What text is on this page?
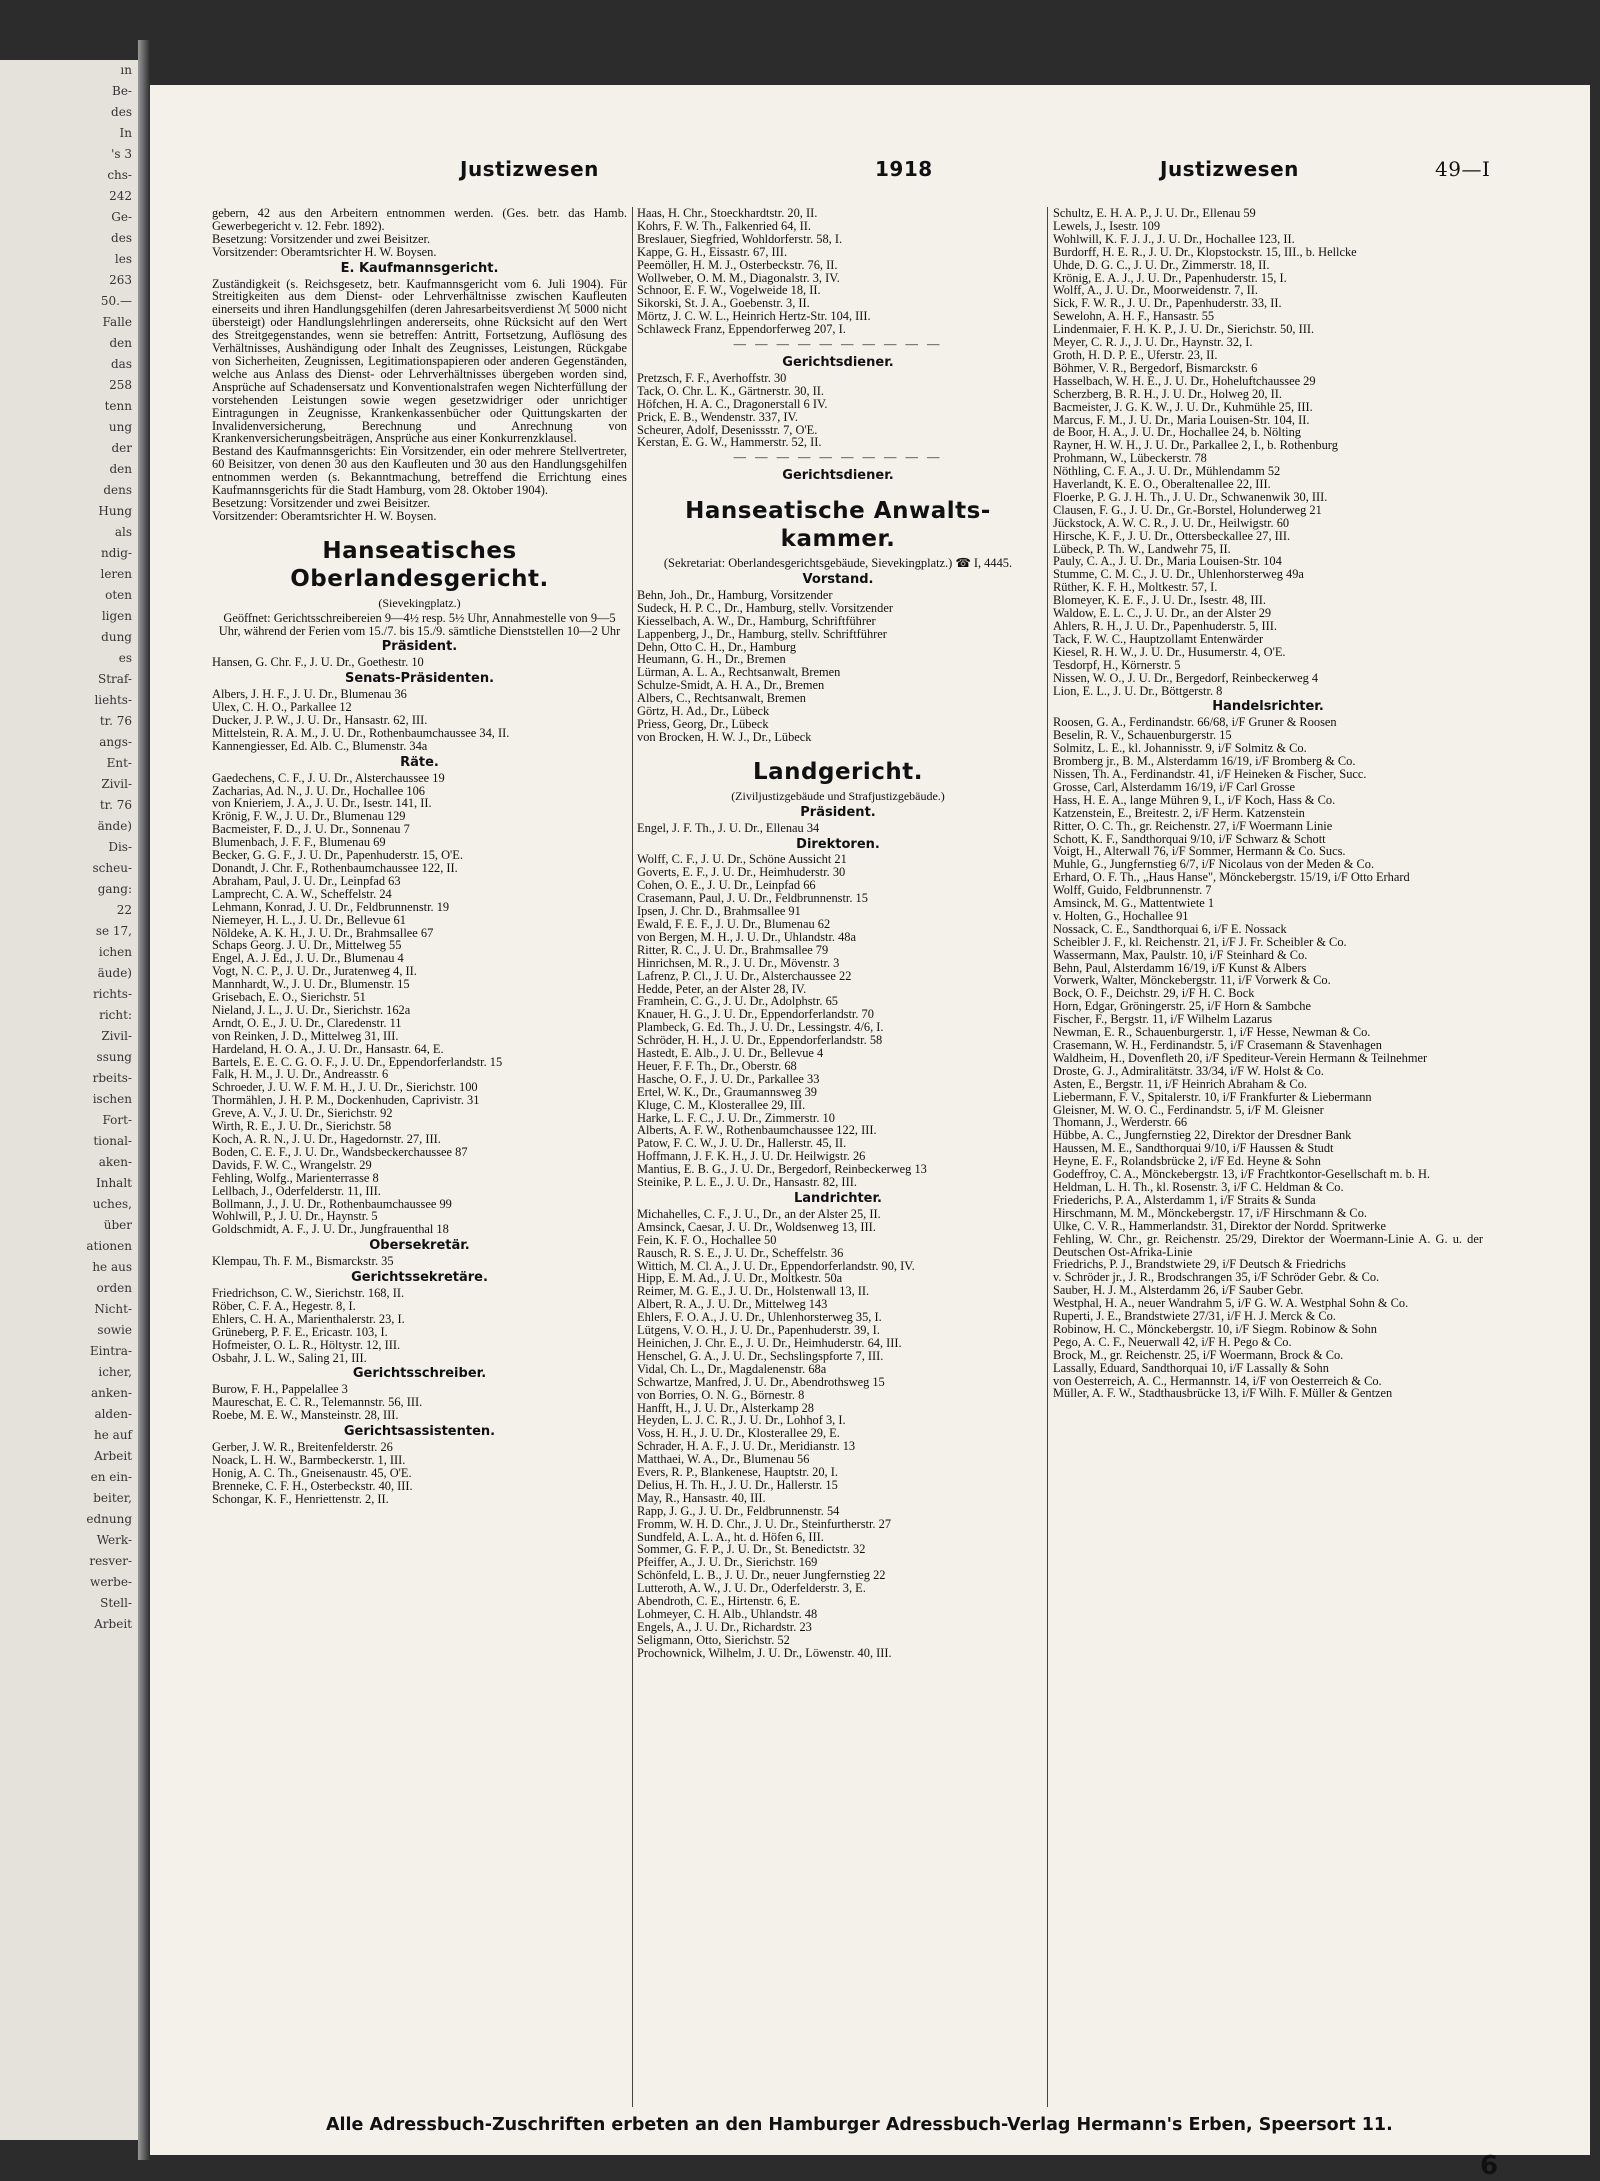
ın
Be-
des
In
's 3
chs-
242
Ge-
des
les
263
50.—
Falle
den
das
258
tenn
ung
der
den
dens
Hung
als
ndig-
leren
oten
ligen
dung
es
Straf-
liehts-
tr. 76
angs-
Ent-
Zivil-
tr. 76
ände)
Dis-
scheu-
gang:
22
se 17,
ichen
äude)
richts-
richt:
Zivil-
ssung
rbeits-
ischen
Fort-
tional-
aken-
Inhalt
uches,
über
ationen
he aus
orden
Nicht-
sowie
Eintra-
icher,
anken-
alden-
he auf
Arbeit
en ein-
beiter,
ednung
Werk-
resver-
werbe-
Stell-
Arbeit
Justizwesen	1918	Justizwesen	49—I
gebern, 42 aus den Arbeitern entnommen werden. (Ges. betr. das Hamb. Gewerbegericht v. 12. Febr. 1892).
Besetzung: Vorsitzender und zwei Beisitzer.
Vorsitzender: Oberamtsrichter H. W. Boysen.
E. Kaufmannsgericht.
Zuständigkeit (s. Reichsgesetz, betr. Kaufmannsgericht vom 6. Juli 1904). Für Streitigkeiten aus dem Dienst- oder Lehrverhältnisse zwischen Kaufleuten einerseits und ihren Handlungsgehilfen (deren Jahresarbeitsverdienst ℳ 5000 nicht übersteigt) oder Handlungslehrlingen andererseits, ohne Rücksicht auf den Wert des Streitgegenstandes, wenn sie betreffen: Antritt, Fortsetzung, Auflösung des Verhältnisses, Aushändigung oder Inhalt des Zeugnisses, Leistungen, Rückgabe von Sicherheiten, Zeugnissen, Legitimationspapieren oder anderen Gegenständen, welche aus Anlass des Dienst- oder Lehrverhältnisses übergeben worden sind, Ansprüche auf Schadensersatz und Konventionalstrafen wegen Nichterfüllung der vorstehenden Leistungen sowie wegen gesetzwidriger oder unrichtiger Eintragungen in Zeugnisse, Krankenkassenbücher oder Quittungskarten der Invalidenversicherung, Berechnung und Anrechnung von Krankenversicherungsbeiträgen, Ansprüche aus einer Konkurrenzklausel.
Bestand des Kaufmannsgerichts: Ein Vorsitzender, ein oder mehrere Stellvertreter, 60 Beisitzer, von denen 30 aus den Kaufleuten und 30 aus den Handlungsgehilfen entnommen werden (s. Bekanntmachung, betreffend die Errichtung eines Kaufmannsgerichts für die Stadt Hamburg, vom 28. Oktober 1904).
Besetzung: Vorsitzender und zwei Beisitzer.
Vorsitzender: Oberamtsrichter H. W. Boysen.
Hanseatisches
Oberlandesgericht.
(Sievekingplatz.)
Geöffnet: Gerichtsschreibereien 9—4½ resp. 5½ Uhr, Annahmestelle von 9—5 Uhr, während der Ferien vom 15./7. bis 15./9. sämtliche Dienststellen 10—2 Uhr
Präsident.
Hansen, G. Chr. F., J. U. Dr., Goethestr. 10
Senats-Präsidenten.
Albers, J. H. F., J. U. Dr., Blumenau 36
Ulex, C. H. O., Parkallee 12
Ducker, J. P. W., J. U. Dr., Hansastr. 62, III.
Mittelstein, R. A. M., J. U. Dr., Rothenbaumchaussee 34, II.
Kannengiesser, Ed. Alb. C., Blumenstr. 34a
Räte.
Gaedechens, C. F., J. U. Dr., Alsterchaussee 19
Zacharias, Ad. N., J. U. Dr., Hochallee 106
von Knieriem, J. A., J. U. Dr., Isestr. 141, II.
Krönig, F. W., J. U. Dr., Blumenau 129
Bacmeister, F. D., J. U. Dr., Sonnenau 7
Blumenbach, J. F. F., Blumenau 69
Becker, G. G. F., J. U. Dr., Papenhuderstr. 15, O'E.
Donandt, J. Chr. F., Rothenbaumchaussee 122, II.
Abraham, Paul, J. U. Dr., Leinpfad 63
Lamprecht, C. A. W., Scheffelstr. 24
Lehmann, Konrad, J. U. Dr., Feldbrunnenstr. 19
Niemeyer, H. L., J. U. Dr., Bellevue 61
Nöldeke, A. K. H., J. U. Dr., Brahmsallee 67
Schaps Georg. J. U. Dr., Mittelweg 55
Engel, A. J. Ed., J. U. Dr., Blumenau 4
Vogt, N. C. P., J. U. Dr., Juratenweg 4, II.
Mannhardt, W., J. U. Dr., Blumenstr. 15
Grisebach, E. O., Sierichstr. 51
Nieland, J. L., J. U. Dr., Sierichstr. 162a
Arndt, O. E., J. U. Dr., Claredenstr. 11
von Reinken, J. D., Mittelweg 31, III.
Hardeland, H. O. A., J. U. Dr., Hansastr. 64, E.
Bartels, E. E. C. G. O. F., J. U. Dr., Eppendorferlandstr. 15
Falk, H. M., J. U. Dr., Andreasstr. 6
Schroeder, J. U. W. F. M. H., J. U. Dr., Sierichstr. 100
Thormählen, J. H. P. M., Dockenhuden, Caprivistr. 31
Greve, A. V., J. U. Dr., Sierichstr. 92
Wirth, R. E., J. U. Dr., Sierichstr. 58
Koch, A. R. N., J. U. Dr., Hagedornstr. 27, III.
Boden, C. E. F., J. U. Dr., Wandsbeckerchaussee 87
Davids, F. W. C., Wrangelstr. 29
Fehling, Wolfg., Marienterrasse 8
Lellbach, J., Oderfelderstr. 11, III.
Bollmann, J., J. U. Dr., Rothenbaumchaussee 99
Wohlwill, P., J. U. Dr., Haynstr. 5
Goldschmidt, A. F., J. U. Dr., Jungfrauenthal 18
Obersekretär.
Klempau, Th. F. M., Bismarckstr. 35
Gerichtssekretäre.
Friedrichson, C. W., Sierichstr. 168, II.
Röber, C. F. A., Hegestr. 8, I.
Ehlers, C. H. A., Marienthalerstr. 23, I.
Grüneberg, P. F. E., Ericastr. 103, I.
Hofmeister, O. L. R., Höltystr. 12, III.
Osbahr, J. L. W., Saling 21, III.
Gerichtsschreiber.
Burow, F. H., Pappelallee 3
Maureschat, E. C. R., Telemannstr. 56, III.
Roebe, M. E. W., Mansteinstr. 28, III.
Gerichtsassistenten.
Gerber, J. W. R., Breitenfelderstr. 26
Noack, L. H. W., Barmbeckerstr. 1, III.
Honig, A. C. Th., Gneisenaustr. 45, O'E.
Brenneke, C. F. H., Osterbeckstr. 40, III.
Schongar, K. F., Henriettenstr. 2, II.
Haas, H. Chr., Stoeckhardtstr. 20, II.
Kohrs, F. W. Th., Falkenried 64, II.
Breslauer, Siegfried, Wohldorferstr. 58, I.
Kappe, G. H., Eissastr. 67, III.
Peemöller, H. M. J., Osterbeckstr. 76, II.
Wollweber, O. M. M., Diagonalstr. 3, IV.
Schnoor, E. F. W., Vogelweide 18, II.
Sikorski, St. J. A., Goebenstr. 3, II.
Mörtz, J. C. W. L., Heinrich Hertz-Str. 104, III.
Schlaweck Franz, Eppendorferweg 207, I.
— — — — — — — — — —
Gerichtsdiener.
Pretzsch, F. F., Averhoffstr. 30
Tack, O. Chr. L. K., Gärtnerstr. 30, II.
Höfchen, H. A. C., Dragonerstall 6 IV.
Prick, E. B., Wendenstr. 337, IV.
Scheurer, Adolf, Desenissstr. 7, O'E.
Kerstan, E. G. W., Hammerstr. 52, II.
— — — — — — — — — —
Gerichtsdiener.
Hanseatische Anwalts-
kammer.
(Sekretariat: Oberlandesgerichtsgebäude, Sievekingplatz.) ☎ I, 4445.
Vorstand.
Behn, Joh., Dr., Hamburg, Vorsitzender
Sudeck, H. P. C., Dr., Hamburg, stellv. Vorsitzender
Kiesselbach, A. W., Dr., Hamburg, Schriftführer
Lappenberg, J., Dr., Hamburg, stellv. Schriftführer
Dehn, Otto C. H., Dr., Hamburg
Heumann, G. H., Dr., Bremen
Lürman, A. L. A., Rechtsanwalt, Bremen
Schulze-Smidt, A. H. A., Dr., Bremen
Albers, C., Rechtsanwalt, Bremen
Görtz, H. Ad., Dr., Lübeck
Priess, Georg, Dr., Lübeck
von Brocken, H. W. J., Dr., Lübeck
Landgericht.
(Ziviljustizgebäude und Strafjustizgebäude.)
Präsident.
Engel, J. F. Th., J. U. Dr., Ellenau 34
Direktoren.
Wolff, C. F., J. U. Dr., Schöne Aussicht 21
Goverts, E. F., J. U. Dr., Heimhuderstr. 30
Cohen, O. E., J. U. Dr., Leinpfad 66
Crasemann, Paul, J. U. Dr., Feldbrunnenstr. 15
Ipsen, J. Chr. D., Brahmsallee 91
Ewald, F. E. F., J. U. Dr., Blumenau 62
von Bergen, M. H., J. U. Dr., Uhlandstr. 48a
Ritter, R. C., J. U. Dr., Brahmsallee 79
Hinrichsen, M. R., J. U. Dr., Mövenstr. 3
Lafrenz, P. Cl., J. U. Dr., Alsterchaussee 22
Hedde, Peter, an der Alster 28, IV.
Framhein, C. G., J. U. Dr., Adolphstr. 65
Knauer, H. G., J. U. Dr., Eppendorferlandstr. 70
Plambeck, G. Ed. Th., J. U. Dr., Lessingstr. 4/6, I.
Schröder, H. H., J. U. Dr., Eppendorferlandstr. 58
Hastedt, E. Alb., J. U. Dr., Bellevue 4
Heuer, F. F. Th., Dr., Oberstr. 68
Hasche, O. F., J. U. Dr., Parkallee 33
Ertel, W. K., Dr., Graumannsweg 39
Kluge, C. M., Klosterallee 29, III.
Harke, L. F. C., J. U. Dr., Zimmerstr. 10
Alberts, A. F. W., Rothenbaumchaussee 122, III.
Patow, F. C. W., J. U. Dr., Hallerstr. 45, II.
Hoffmann, J. F. K. H., J. U. Dr. Heilwigstr. 26
Mantius, E. B. G., J. U. Dr., Bergedorf, Reinbeckerweg 13
Steinike, P. L. E., J. U. Dr., Hansastr. 82, III.
Landrichter.
Michahelles, C. F., J. U., Dr., an der Alster 25, II.
Amsinck, Caesar, J. U. Dr., Woldsenweg 13, III.
Fein, K. F. O., Hochallee 50
Rausch, R. S. E., J. U. Dr., Scheffelstr. 36
Wittich, M. Cl. A., J. U. Dr., Eppendorferlandstr. 90, IV.
Hipp, E. M. Ad., J. U. Dr., Moltkestr. 50a
Reimer, M. G. E., J. U. Dr., Holstenwall 13, II.
Albert, R. A., J. U. Dr., Mittelweg 143
Ehlers, F. O. A., J. U. Dr., Uhlenhorsterweg 35, I.
Lütgens, V. O. H., J. U. Dr., Papenhuderstr. 39, I.
Heinichen, J. Chr. E., J. U. Dr., Heimhuderstr. 64, III.
Henschel, G. A., J. U. Dr., Sechslingspforte 7, III.
Vidal, Ch. L., Dr., Magdalenenstr. 68a
Schwartze, Manfred, J. U. Dr., Abendrothsweg 15
von Borries, O. N. G., Börnestr. 8
Hanfft, H., J. U. Dr., Alsterkamp 28
Heyden, L. J. C. R., J. U. Dr., Lohhof 3, I.
Voss, H. H., J. U. Dr., Klosterallee 29, E.
Schrader, H. A. F., J. U. Dr., Meridianstr. 13
Matthaei, W. A., Dr., Blumenau 56
Evers, R. P., Blankenese, Hauptstr. 20, I.
Delius, H. Th. H., J. U. Dr., Hallerstr. 15
May, R., Hansastr. 40, III.
Rapp, J. G., J. U. Dr., Feldbrunnenstr. 54
Fromm, W. H. D. Chr., J. U. Dr., Steinfurtherstr. 27
Sundfeld, A. L. A., ht. d. Höfen 6, III.
Sommer, G. F. P., J. U. Dr., St. Benedictstr. 32
Pfeiffer, A., J. U. Dr., Sierichstr. 169
Schönfeld, L. B., J. U. Dr., neuer Jungfernstieg 22
Lutteroth, A. W., J. U. Dr., Oderfelderstr. 3, E.
Abendroth, C. E., Hirtenstr. 6, E.
Lohmeyer, C. H. Alb., Uhlandstr. 48
Engels, A., J. U. Dr., Richardstr. 23
Seligmann, Otto, Sierichstr. 52
Prochownick, Wilhelm, J. U. Dr., Löwenstr. 40, III.
Schultz, E. H. A. P., J. U. Dr., Ellenau 59
Lewels, J., Isestr. 109
Wohlwill, K. F. J. J., J. U. Dr., Hochallee 123, II.
Burdorff, H. E. R., J. U. Dr., Klopstockstr. 15, III., b. Hellcke
Uhde, D. G. C., J. U. Dr., Zimmerstr. 18, II.
Krönig, E. A. J., J. U. Dr., Papenhuderstr. 15, I.
Wolff, A., J. U. Dr., Moorweidenstr. 7, II.
Sick, F. W. R., J. U. Dr., Papenhuderstr. 33, II.
Sewelohn, A. H. F., Hansastr. 55
Lindenmaier, F. H. K. P., J. U. Dr., Sierichstr. 50, III.
Meyer, C. R. J., J. U. Dr., Haynstr. 32, I.
Groth, H. D. P. E., Uferstr. 23, II.
Böhmer, V. R., Bergedorf, Bismarckstr. 6
Hasselbach, W. H. E., J. U. Dr., Hoheluftchaussee 29
Scherzberg, B. R. H., J. U. Dr., Holweg 20, II.
Bacmeister, J. G. K. W., J. U. Dr., Kuhmühle 25, III.
Marcus, F. M., J. U. Dr., Maria Louisen-Str. 104, II.
de Boor, H. A., J. U. Dr., Hochallee 24, b. Nölting
Rayner, H. W. H., J. U. Dr., Parkallee 2, I., b. Rothenburg
Prohmann, W., Lübeckerstr. 78
Nöthling, C. F. A., J. U. Dr., Mühlendamm 52
Haverlandt, K. E. O., Oberaltenallee 22, III.
Floerke, P. G. J. H. Th., J. U. Dr., Schwanenwik 30, III.
Clausen, F. G., J. U. Dr., Gr.-Borstel, Holunderweg 21
Jückstock, A. W. C. R., J. U. Dr., Heilwigstr. 60
Hirsche, K. F., J. U. Dr., Ottersbeckallee 27, III.
Lübeck, P. Th. W., Landwehr 75, II.
Pauly, C. A., J. U. Dr., Maria Louisen-Str. 104
Stumme, C. M. C., J. U. Dr., Uhlenhorsterweg 49a
Rüther, K. F. H., Moltkestr. 57, I.
Blomeyer, K. E. F., J. U. Dr., Isestr. 48, III.
Waldow, E. L. C., J. U. Dr., an der Alster 29
Ahlers, R. H., J. U. Dr., Papenhuderstr. 5, III.
Tack, F. W. C., Hauptzollamt Entenwärder
Kiesel, R. H. W., J. U. Dr., Husumerstr. 4, O'E.
Tesdorpf, H., Körnerstr. 5
Nissen, W. O., J. U. Dr., Bergedorf, Reinbeckerweg 4
Lion, E. L., J. U. Dr., Böttgerstr. 8
Handelsrichter.
Roosen, G. A., Ferdinandstr. 66/68, i/F Gruner & Roosen
Beselin, R. V., Schauenburgerstr. 15
Solmitz, L. E., kl. Johannisstr. 9, i/F Solmitz & Co.
Bromberg jr., B. M., Alsterdamm 16/19, i/F Bromberg & Co.
Nissen, Th. A., Ferdinandstr. 41, i/F Heineken & Fischer, Succ.
Grosse, Carl, Alsterdamm 16/19, i/F Carl Grosse
Hass, H. E. A., lange Mühren 9, I., i/F Koch, Hass & Co.
Katzenstein, E., Breitestr. 2, i/F Herm. Katzenstein
Ritter, O. C. Th., gr. Reichenstr. 27, i/F Woermann Linie
Schott, K. F., Sandthorquai 9/10, i/F Schwarz & Schott
Voigt, H., Alterwall 76, i/F Sommer, Hermann & Co. Sucs.
Muhle, G., Jungfernstieg 6/7, i/F Nicolaus von der Meden & Co.
Erhard, O. F. Th., „Haus Hanse", Mönckebergstr. 15/19, i/F Otto Erhard
Wolff, Guido, Feldbrunnenstr. 7
Amsinck, M. G., Mattentwiete 1
v. Holten, G., Hochallee 91
Nossack, C. E., Sandthorquai 6, i/F E. Nossack
Scheibler J. F., kl. Reichenstr. 21, i/F J. Fr. Scheibler & Co.
Wassermann, Max, Paulstr. 10, i/F Steinhard & Co.
Behn, Paul, Alsterdamm 16/19, i/F Kunst & Albers
Vorwerk, Walter, Mönckebergstr. 11, i/F Vorwerk & Co.
Bock, O. F., Deichstr. 29, i/F H. C. Bock
Horn, Edgar, Gröningerstr. 25, i/F Horn & Sambche
Fischer, F., Bergstr. 11, i/F Wilhelm Lazarus
Newman, E. R., Schauenburgerstr. 1, i/F Hesse, Newman & Co.
Crasemann, W. H., Ferdinandstr. 5, i/F Crasemann & Stavenhagen
Waldheim, H., Dovenfleth 20, i/F Spediteur-Verein Hermann & Teilnehmer
Droste, G. J., Admiralitätstr. 33/34, i/F W. Holst & Co.
Asten, E., Bergstr. 11, i/F Heinrich Abraham & Co.
Liebermann, F. V., Spitalerstr. 10, i/F Frankfurter & Liebermann
Gleisner, M. W. O. C., Ferdinandstr. 5, i/F M. Gleisner
Thomann, J., Werderstr. 66
Hübbe, A. C., Jungfernstieg 22, Direktor der Dresdner Bank
Haussen, M. E., Sandthorquai 9/10, i/F Haussen & Studt
Heyne, E. F., Rolandsbrücke 2, i/F Ed. Heyne & Sohn
Godeffroy, C. A., Mönckebergstr. 13, i/F Frachtkontor-Gesellschaft m. b. H.
Heldman, L. H. Th., kl. Rosenstr. 3, i/F C. Heldman & Co.
Friederichs, P. A., Alsterdamm 1, i/F Straits & Sunda
Hirschmann, M. M., Mönckebergstr. 17, i/F Hirschmann & Co.
Ulke, C. V. R., Hammerlandstr. 31, Direktor der Nordd. Spritwerke
Fehling, W. Chr., gr. Reichenstr. 25/29, Direktor der Woermann-Linie A. G. u. der Deutschen Ost-Afrika-Linie
Friedrichs, P. J., Brandstwiete 29, i/F Deutsch & Friedrichs
v. Schröder jr., J. R., Brodschrangen 35, i/F Schröder Gebr. & Co.
Sauber, H. J. M., Alsterdamm 26, i/F Sauber Gebr.
Westphal, H. A., neuer Wandrahm 5, i/F G. W. A. Westphal Sohn & Co.
Ruperti, J. E., Brandstwiete 27/31, i/F H. J. Merck & Co.
Robinow, H. C., Mönckebergstr. 10, i/F Siegm. Robinow & Sohn
Pego, A. C. F., Neuerwall 42, i/F H. Pego & Co.
Brock, M., gr. Reichenstr. 25, i/F Woermann, Brock & Co.
Lassally, Eduard, Sandthorquai 10, i/F Lassally & Sohn
von Oesterreich, A. C., Hermannstr. 14, i/F von Oesterreich & Co.
Müller, A. F. W., Stadthausbrücke 13, i/F Wilh. F. Müller & Gentzen
Alle Adressbuch-Zuschriften erbeten an den Hamburger Adressbuch-Verlag Hermann's Erben, Speersort 11.
6
